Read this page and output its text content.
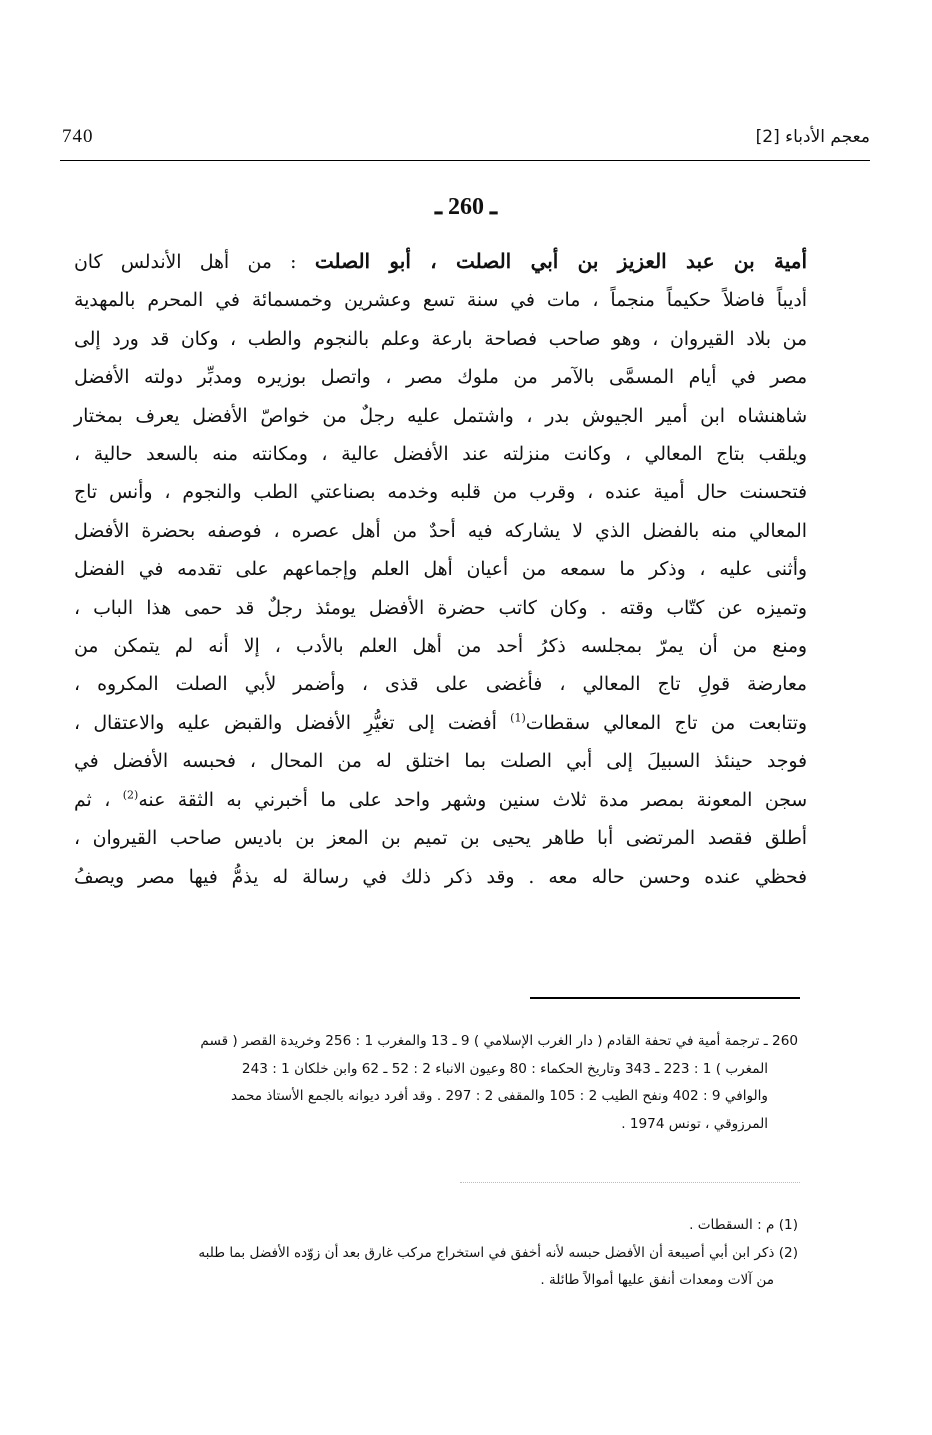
740	معجم الأدباء [2]
ـ 260 ـ
أمية بن عبد العزيز بن أبي الصلت ، أبو الصلت : من أهل الأندلس كان
أديباً فاضلاً حكيماً منجماً ، مات في سنة تسع وعشرين وخمسمائة في المحرم بالمهدية
من بلاد القيروان ، وهو صاحب فصاحة بارعة وعلم بالنجوم والطب ، وكان قد ورد إلى
مصر في أيام المسمَّى بالآمر من ملوك مصر ، واتصل بوزيره ومدبِّر دولته الأفضل
شاهنشاه ابن أمير الجيوش بدر ، واشتمل عليه رجلٌ من خواصّ الأفضل يعرف بمختار
ويلقب بتاج المعالي ، وكانت منزلته عند الأفضل عالية ، ومكانته منه بالسعد حالية ،
فتحسنت حال أمية عنده ، وقرب من قلبه وخدمه بصناعتي الطب والنجوم ، وأنس تاج
المعالي منه بالفضل الذي لا يشاركه فيه أحدٌ من أهل عصره ، فوصفه بحضرة الأفضل
وأثنى عليه ، وذكر ما سمعه من أعيان أهل العلم وإجماعهم على تقدمه في الفضل
وتميزه عن كتّاب وقته . وكان كاتب حضرة الأفضل يومئذ رجلٌ قد حمى هذا الباب ،
ومنع من أن يمرّ بمجلسه ذكرُ أحد من أهل العلم بالأدب ، إلا أنه لم يتمكن من
معارضة قولِ تاج المعالي ، فأغضى على قذى ، وأضمر لأبي الصلت المكروه ،
وتتابعت من تاج المعالي سقطات$^{(1)}$ أفضت إلى تغيُّرِ الأفضل والقبض عليه والاعتقال ،
فوجد حينئذ السبيلَ إلى أبي الصلت بما اختلق له من المحال ، فحبسه الأفضل في
سجن المعونة بمصر مدة ثلاث سنين وشهر واحد على ما أخبرني به الثقة عنه$^{(2)}$ ، ثم
أطلق فقصد المرتضى أبا طاهر يحيى بن تميم بن المعز بن باديس صاحب القيروان ،
فحظي عنده وحسن حاله معه . وقد ذكر ذلك في رسالة له يذمُّ فيها مصر ويصفُ
260 ـ ترجمة أمية في تحفة القادم ( دار الغرب الإسلامي ) 9 ـ 13 والمغرب 1 : 256 وخريدة القصر ( قسم
المغرب ) 1 : 223 ـ 343 وتاريخ الحكماء : 80 وعيون الانباء 2 : 52 ـ 62 وابن خلكان 1 : 243
والوافي 9 : 402 ونفح الطيب 2 : 105 والمقفى 2 : 297 . وقد أفرد ديوانه بالجمع الأستاذ محمد
المرزوقي ، تونس 1974 .
(1) م : السقطات .
(2) ذكر ابن أبي أصيبعة أن الأفضل حبسه لأنه أخفق في استخراج مركب غارق بعد أن زوّده الأفضل بما طلبه
من آلات ومعدات أنفق عليها أموالاً طائلة .
